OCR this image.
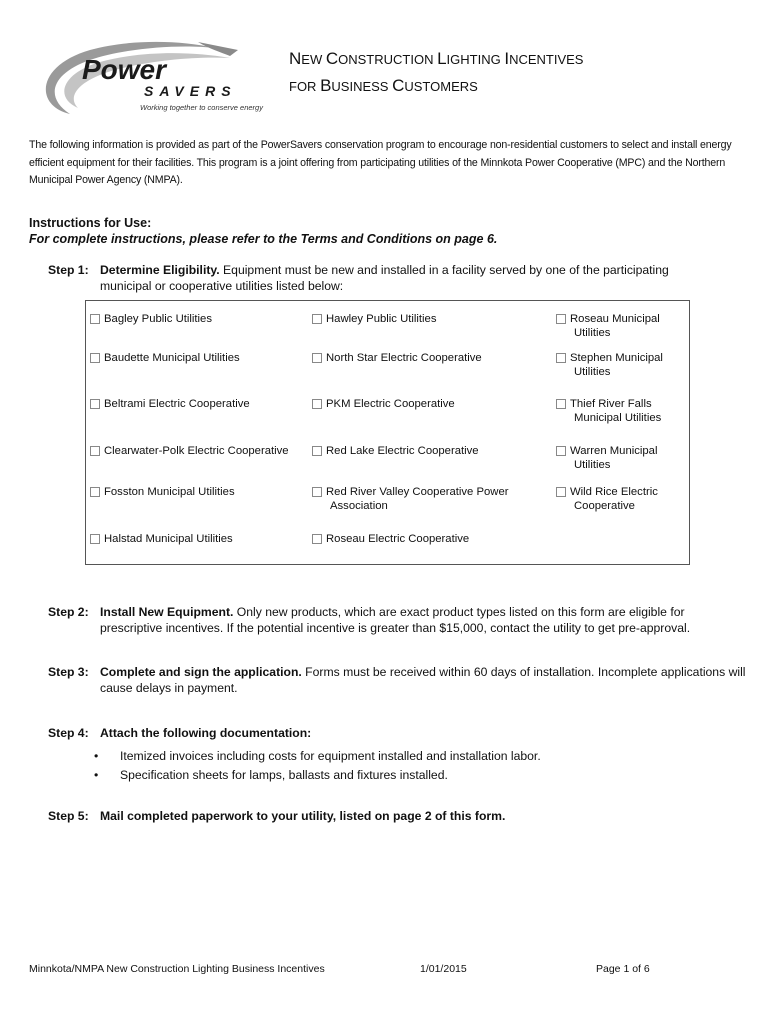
Power
SAVERS
Working together to conserve energy
NEW CONSTRUCTION LIGHTING INCENTIVES
FOR BUSINESS CUSTOMERS
The following information is provided as part of the PowerSavers conservation program to encourage non-residential customers to select and install energy efficient equipment for their facilities. This program is a joint offering from participating utilities of the Minnkota Power Cooperative (MPC) and the Northern Municipal Power Agency (NMPA).
Instructions for Use:
For complete instructions, please refer to the Terms and Conditions on page 6.
Step 1: Determine Eligibility. Equipment must be new and installed in a facility served by one of the participating municipal or cooperative utilities listed below:
Bagley Public Utilities
Baudette Municipal Utilities
Beltrami Electric Cooperative
Clearwater-Polk Electric Cooperative
Fosston Municipal Utilities
Halstad Municipal Utilities
Hawley Public Utilities
North Star Electric Cooperative
PKM Electric Cooperative
Red Lake Electric Cooperative
Red River Valley Cooperative Power
Association
Roseau Electric Cooperative
Roseau Municipal
Utilities
Stephen Municipal
Utilities
Thief River Falls
Municipal Utilities
Warren Municipal
Utilities
Wild Rice Electric
Cooperative
Step 2: Install New Equipment. Only new products, which are exact product types listed on this form are eligible for prescriptive incentives. If the potential incentive is greater than $15,000, contact the utility to get pre-approval.
Step 3: Complete and sign the application. Forms must be received within 60 days of installation. Incomplete applications will cause delays in payment.
Step 4: Attach the following documentation:
• Itemized invoices including costs for equipment installed and installation labor.
• Specification sheets for lamps, ballasts and fixtures installed.
Step 5: Mail completed paperwork to your utility, listed on page 2 of this form.
Minnkota/NMPA New Construction Lighting Business Incentives	1/01/2015	Page 1 of 6
